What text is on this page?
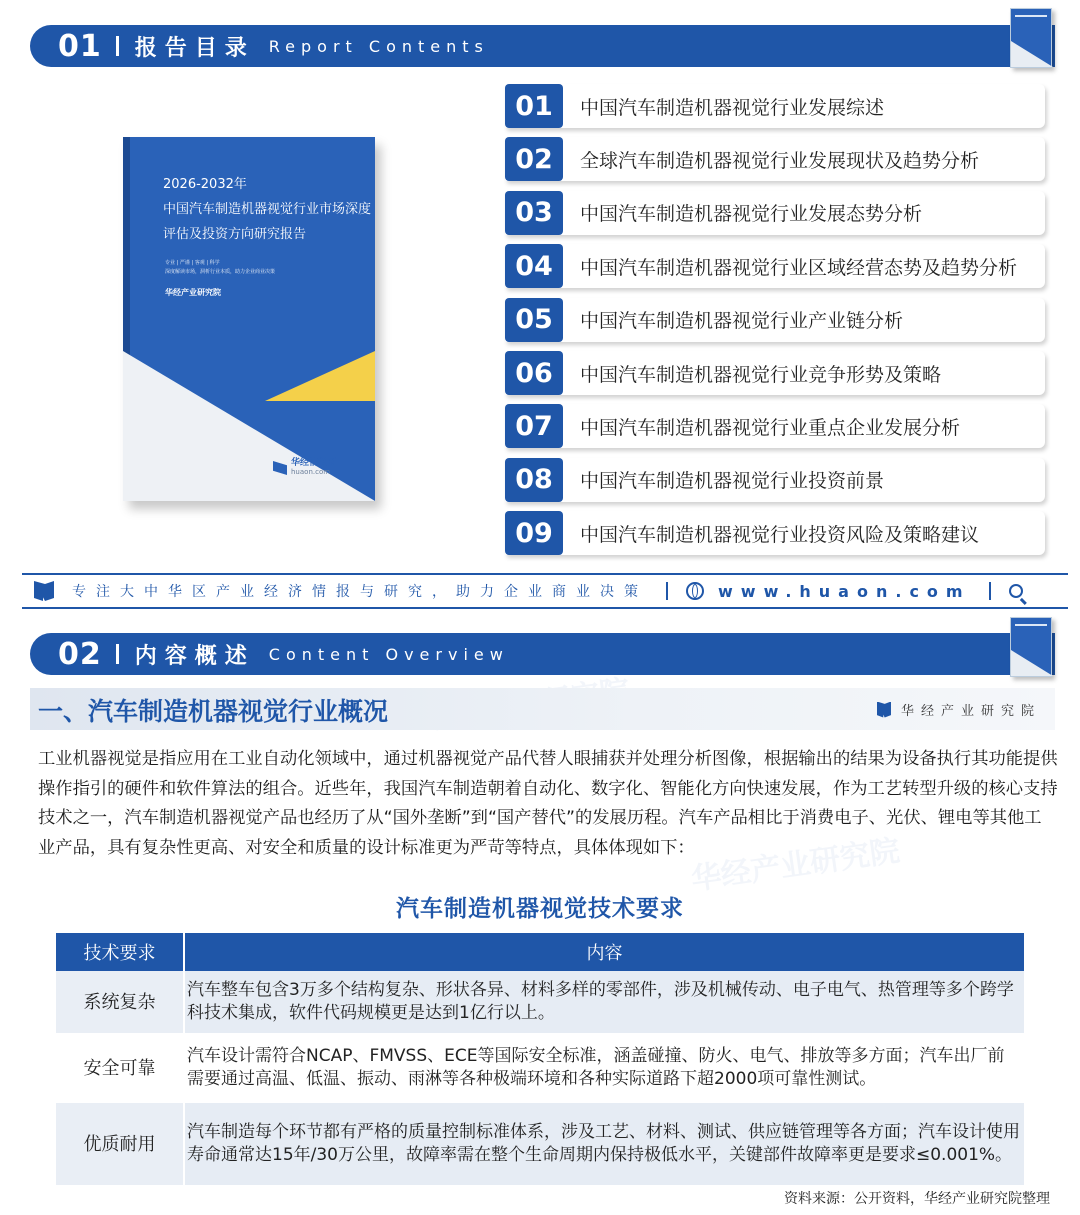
华经产业研究院
01 报告目录 Report Contents
2026-2032年
中国汽车制造机器视觉行业市场深度评估及投资方向研究报告
专业 | 严谨 | 客观 | 科学
深度解读市场，洞析行业本质，助力企业商业决策
华经产业研究院
华经情报网
huaon.com
01	中国汽车制造机器视觉行业发展综述
02	全球汽车制造机器视觉行业发展现状及趋势分析
03	中国汽车制造机器视觉行业发展态势分析
04	中国汽车制造机器视觉行业区域经营态势及趋势分析
05	中国汽车制造机器视觉行业产业链分析
06	中国汽车制造机器视觉行业竞争形势及策略
07	中国汽车制造机器视觉行业重点企业发展分析
08	中国汽车制造机器视觉行业投资前景
09	中国汽车制造机器视觉行业投资风险及策略建议
专注大中华区产业经济情报与研究，助力企业商业决策	www.huaon.com
02 内容概述 Content Overview
一、汽车制造机器视觉行业概况	华经产业研究院
工业机器视觉是指应用在工业自动化领域中，通过机器视觉产品代替人眼捕获并处理分析图像，根据输出的结果为设备执行其功能提供操作指引的硬件和软件算法的组合。近些年，我国汽车制造朝着自动化、数字化、智能化方向快速发展，作为工艺转型升级的核心支持技术之一，汽车制造机器视觉产品也经历了从“国外垄断”到“国产替代”的发展历程。汽车产品相比于消费电子、光伏、锂电等其他工业产品，具有复杂性更高、对安全和质量的设计标准更为严苛等特点，具体体现如下：
汽车制造机器视觉技术要求
技术要求	内容
系统复杂	汽车整车包含3万多个结构复杂、形状各异、材料多样的零部件，涉及机械传动、电子电气、热管理等多个跨学科技术集成，软件代码规模更是达到1亿行以上。
安全可靠	汽车设计需符合NCAP、FMVSS、ECE等国际安全标准，涵盖碰撞、防火、电气、排放等多方面；汽车出厂前需要通过高温、低温、振动、雨淋等各种极端环境和各种实际道路下超2000项可靠性测试。
优质耐用	汽车制造每个环节都有严格的质量控制标准体系，涉及工艺、材料、测试、供应链管理等各方面；汽车设计使用寿命通常达15年/30万公里，故障率需在整个生命周期内保持极低水平，关键部件故障率更是要求≤0.001%。
资料来源：公开资料，华经产业研究院整理
